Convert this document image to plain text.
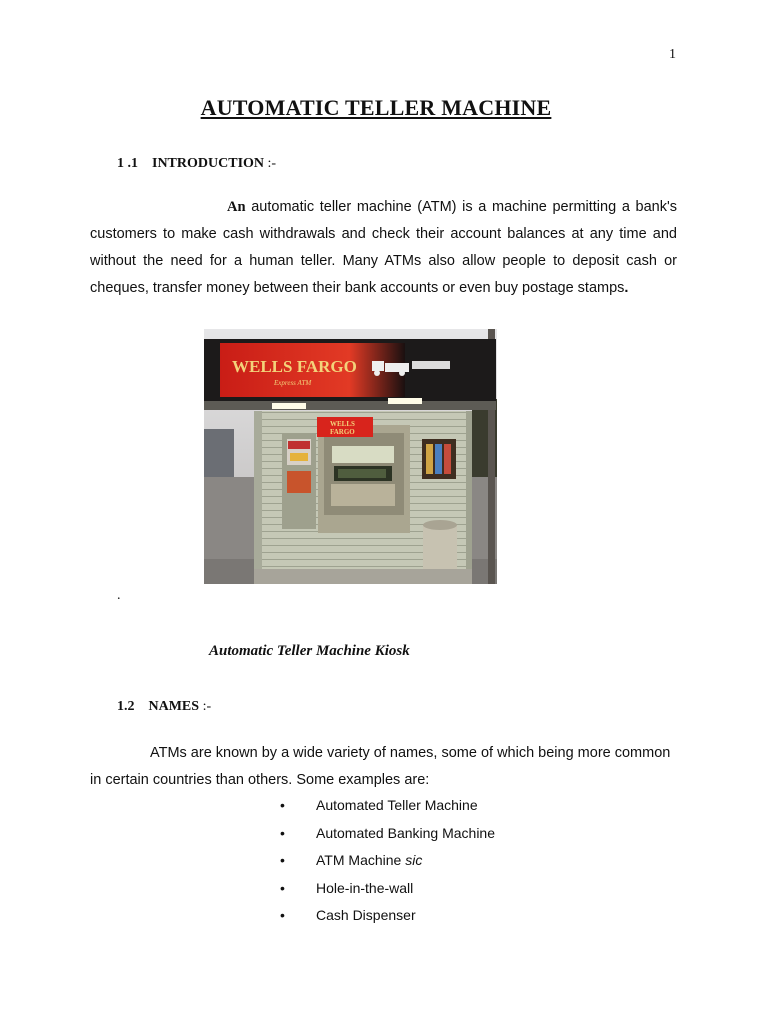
1
AUTOMATIC TELLER MACHINE
1 .1 INTRODUCTION :-
An automatic teller machine (ATM) is a machine permitting a bank's customers to make cash withdrawals and check their account balances at any time and without the need for a human teller. Many ATMs also allow people to deposit cash or cheques, transfer money between their bank accounts or even buy postage stamps.
WELLS FARGO
Express ATM
WELLS
FARGO
.
Automatic Teller Machine Kiosk
1.2 NAMES :-
ATMs are known by a wide variety of names, some of which being more common in certain countries than others. Some examples are:
• Automated Teller Machine
• Automated Banking Machine
• ATM Machine sic
• Hole-in-the-wall
• Cash Dispenser
